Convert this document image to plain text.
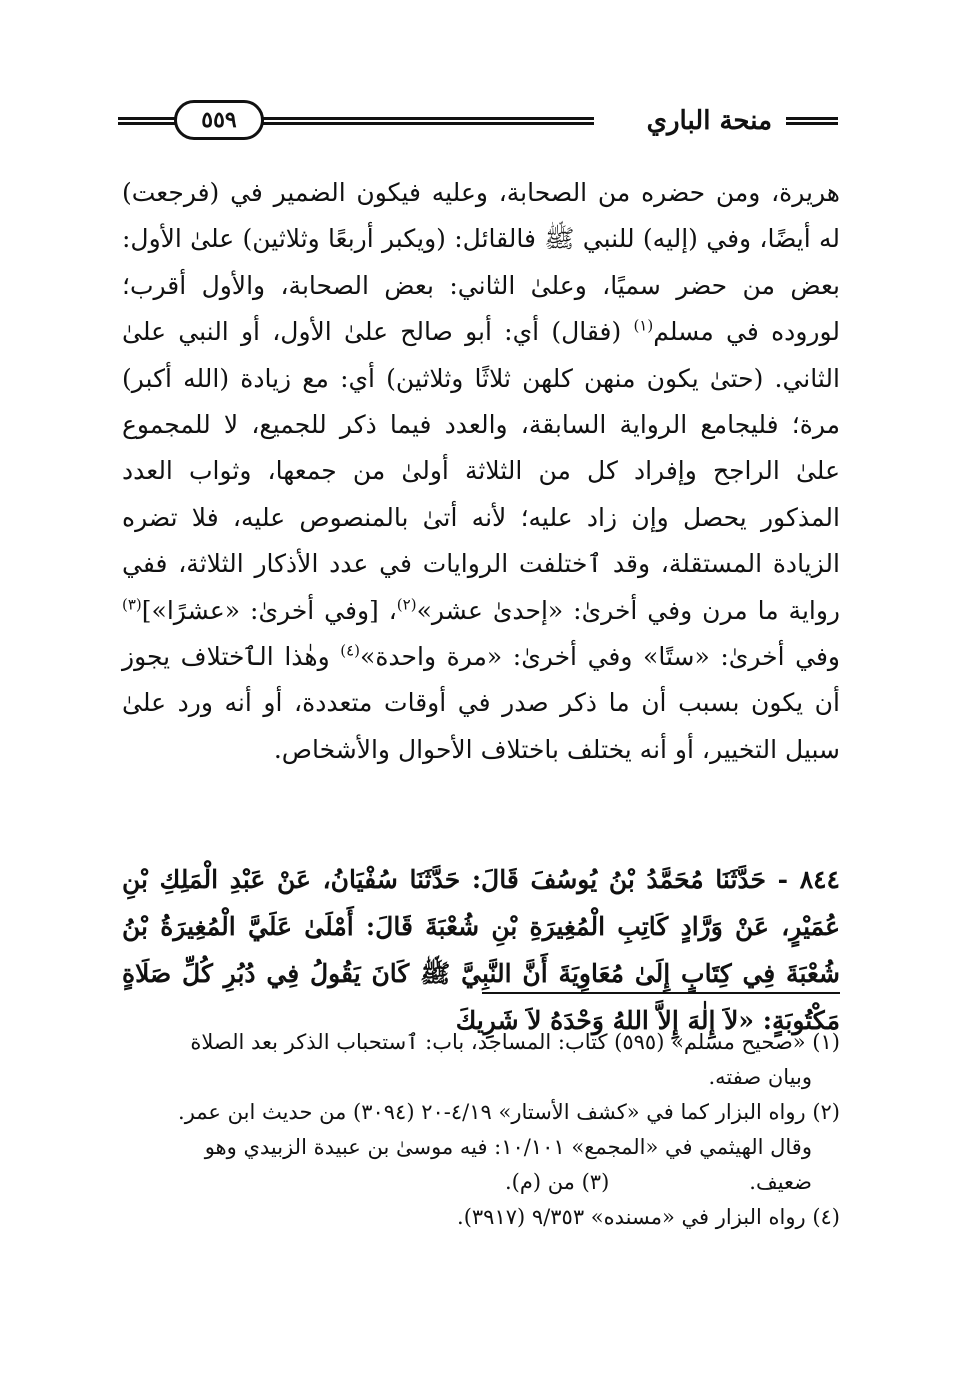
منحة الباري
٥٥٩

هريرة، ومن حضره من الصحابة، وعليه فيكون الضمير في (فرجعت) له أيضًا، وفي (إليه) للنبي ﷺ فالقائل: (ويكبر أربعًا وثلاثين) علىٰ الأول: بعض من حضر سميًا، وعلىٰ الثاني: بعض الصحابة، والأول أقرب؛ لوروده في مسلم$^{(١)}$ (فقال) أي: أبو صالح علىٰ الأول، أو النبي علىٰ الثاني. (حتىٰ يكون منهن كلهن ثلاثًا وثلاثين) أي: مع زيادة (الله أكبر) مرة؛ فليجامع الرواية السابقة، والعدد فيما ذكر للجميع، لا للمجموع علىٰ الراجح وإفراد كل من الثلاثة أولىٰ من جمعها، وثواب العدد المذكور يحصل وإن زاد عليه؛ لأنه أتىٰ بالمنصوص عليه، فلا تضره الزيادة المستقلة، وقد ٱختلفت الروايات في عدد الأذكار الثلاثة، ففي رواية ما مرن وفي أخرىٰ: «إحدىٰ عشر»$^{(٢)}$، [وفي أخرىٰ: «عشرًا»]$^{(٣)}$ وفي أخرىٰ: «ستًا» وفي أخرىٰ: «مرة واحدة»$^{(٤)}$ وهٰذا الٱختلاف يجوز أن يكون بسبب أن ما ذكر صدر في أوقات متعددة، أو أنه ورد علىٰ سبيل التخيير، أو أنه يختلف باختلاف الأحوال والأشخاص.

٨٤٤ - حَدَّثَنَا مُحَمَّدُ بْنُ يُوسُفَ قَالَ: حَدَّثَنَا سُفْيَانُ، عَنْ عَبْدِ الْمَلِكِ بْنِ عُمَيْرٍ، عَنْ وَرَّادٍ كَاتِبِ الْمُغِيرَةِ بْنِ شُعْبَةَ قَالَ: أَمْلَىٰ عَلَيَّ الْمُغِيرَةُ بْنُ شُعْبَةَ فِي كِتَابٍ إِلَىٰ مُعَاوِيَةَ أَنَّ النَّبِيَّ ﷺ كَانَ يَقُولُ فِي دُبُرِ كُلِّ صَلَاةٍ مَكْتُوبَةٍ: «لاَ إِلٰهَ إِلاَّ اللهُ وَحْدَهُ لاَ شَرِيكَ

(١) «صحيح مسلم» (٥٩٥) كتاب: المساجد، باب: ٱستحباب الذكر بعد الصلاة

وبيان صفته.

(٢) رواه البزار كما في «كشف الأستار» ٤/١٩-٢٠ (٣٠٩٤) من حديث ابن عمر.

وقال الهيثمي في «المجمع» ١٠/١٠١: فيه موسىٰ بن عبيدة الزبيدي وهو

ضعيف.
(٣) من (م).

(٤) رواه البزار في «مسنده» ٩/٣٥٣ (٣٩١٧).
